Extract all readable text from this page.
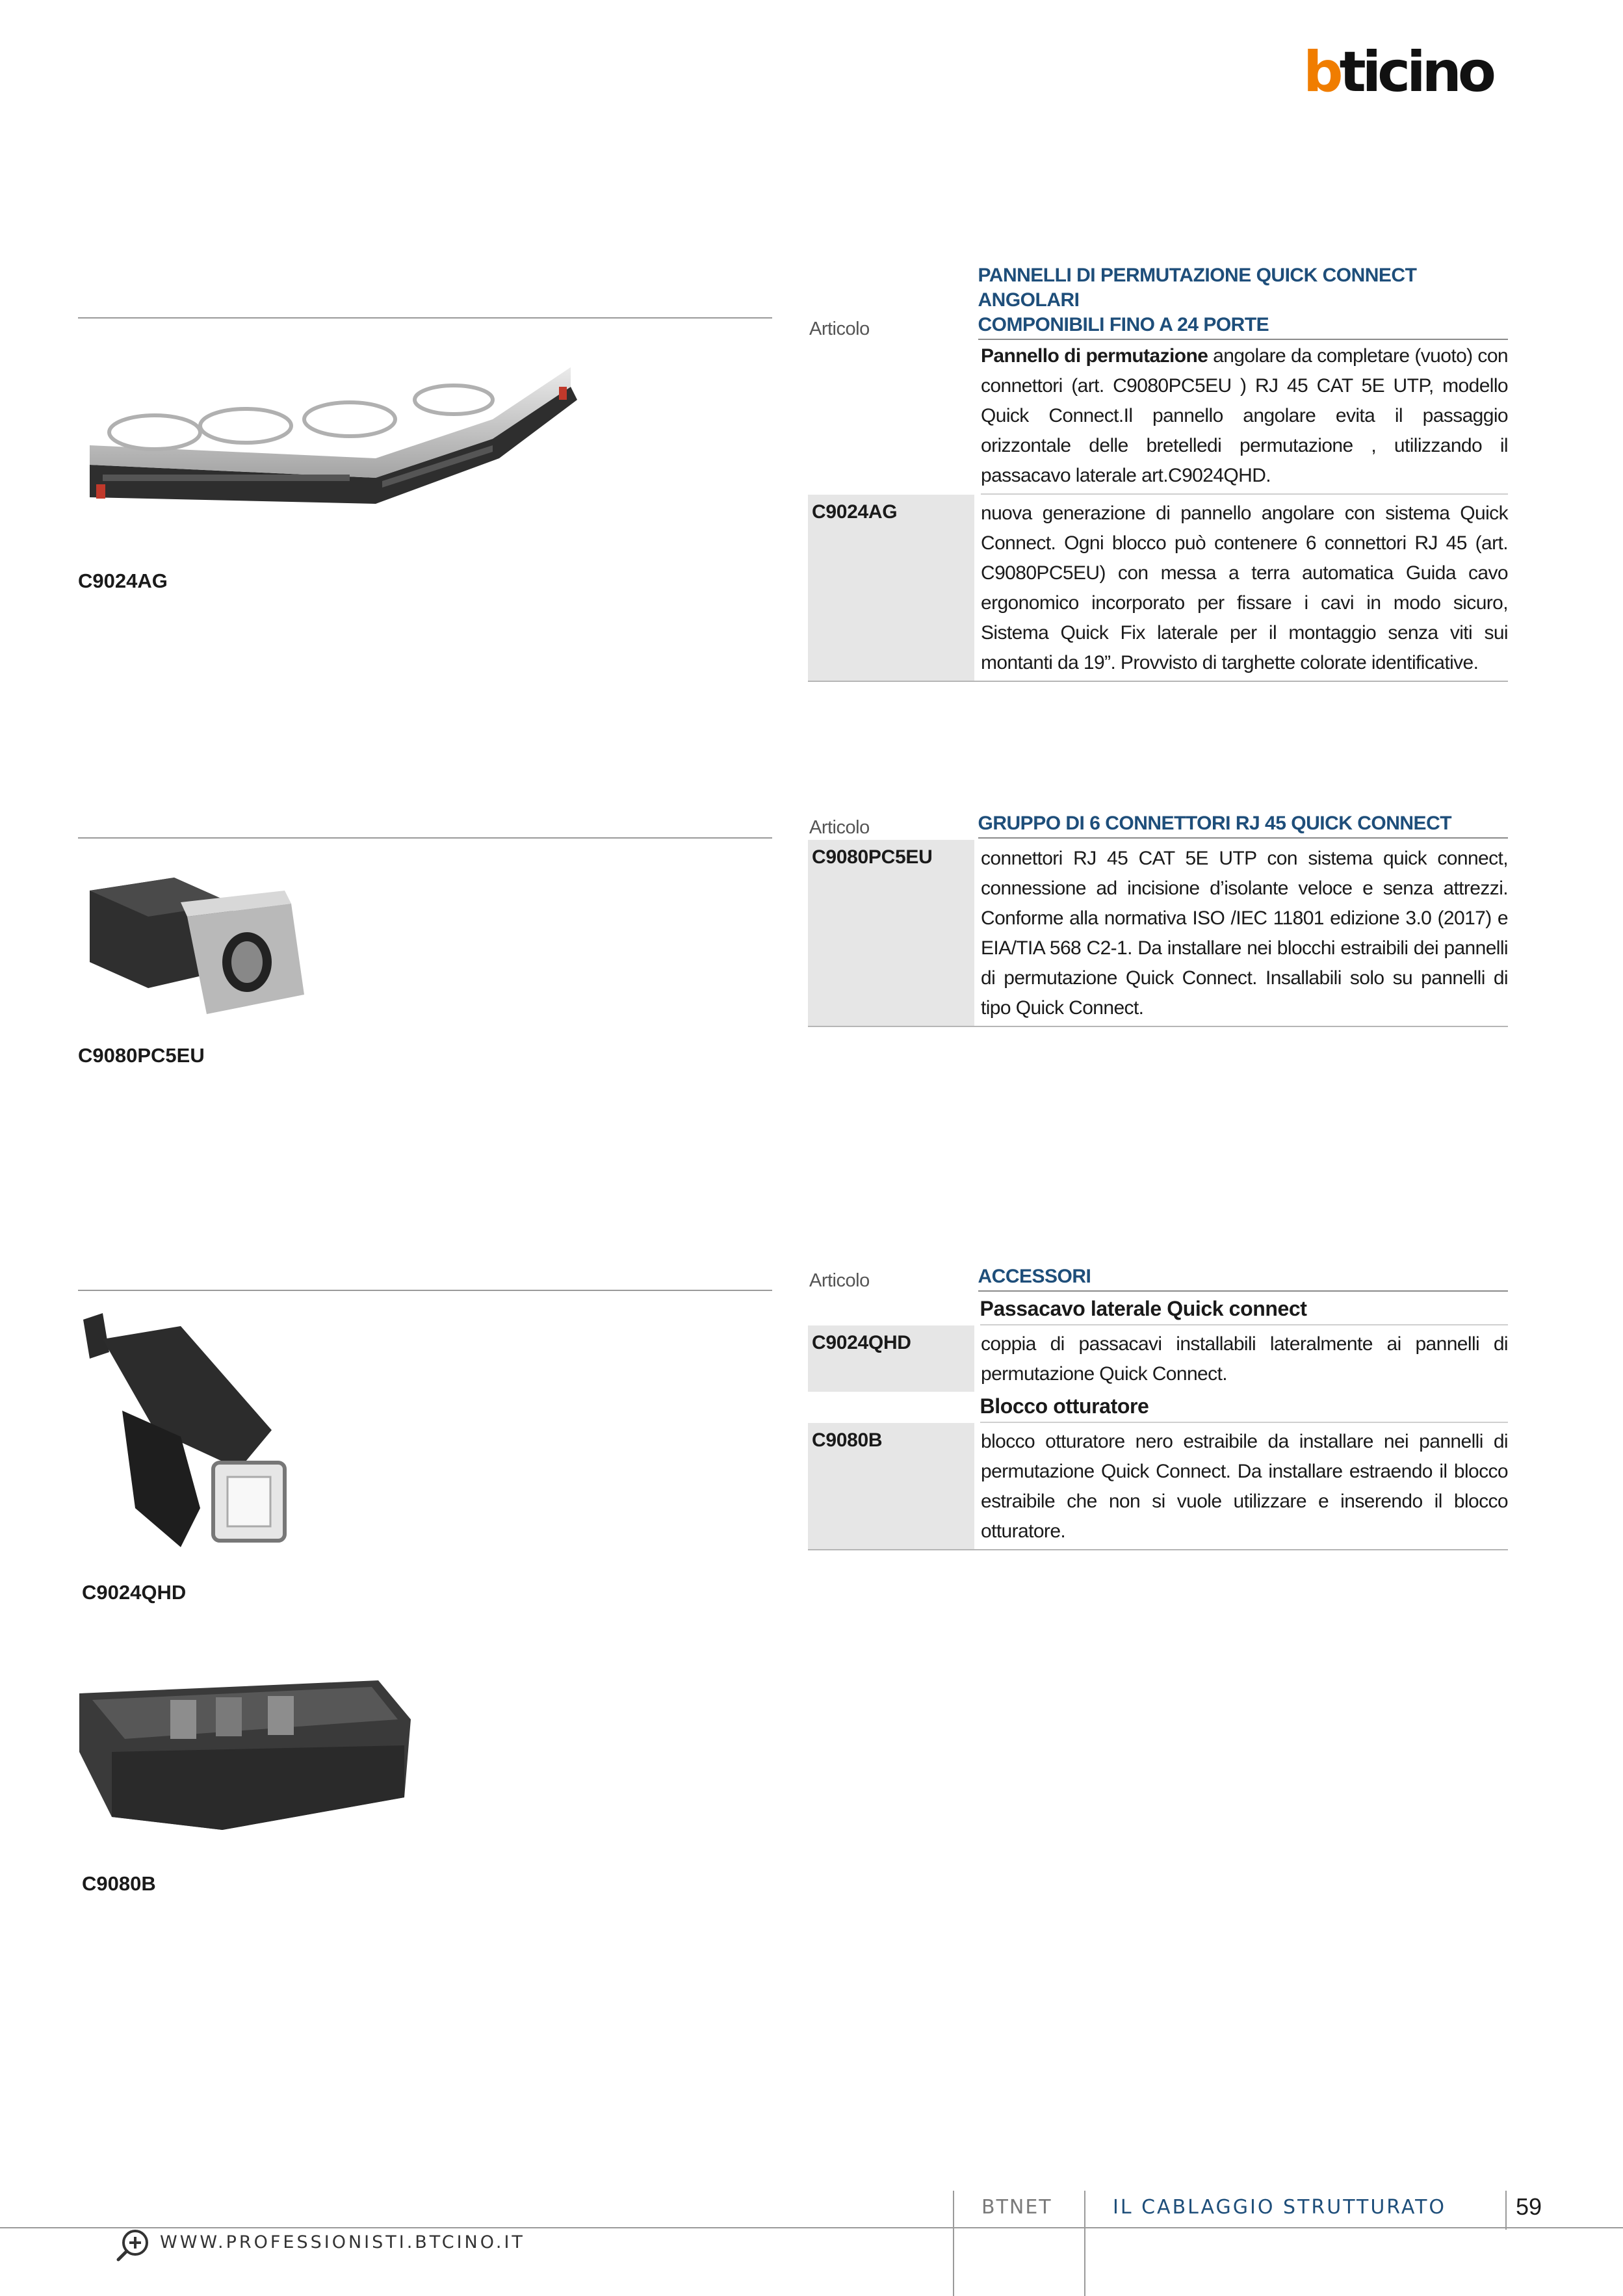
bticino
C9024AG
Articolo
PANNELLI DI PERMUTAZIONE QUICK CONNECT ANGOLARI
COMPONIBILI FINO A 24 PORTE
Pannello di permutazione angolare da completare (vuoto) con connettori (art. C9080PC5EU ) RJ 45 CAT 5E UTP, modello Quick Connect.Il pannello angolare evita il passaggio orizzontale delle bretelledi permutazione , utilizzando il passacavo laterale art.C9024QHD.
C9024AG	nuova generazione di pannello angolare con sistema Quick Connect. Ogni blocco può contenere 6 connettori RJ 45 (art. C9080PC5EU) con messa a terra automatica Guida cavo ergonomico incorporato per fissare i cavi in modo sicuro, Sistema Quick Fix laterale per il montaggio senza viti sui montanti da 19”. Provvisto di targhette colorate identificative.
C9080PC5EU
Articolo	GRUPPO DI 6 CONNETTORI RJ 45 QUICK CONNECT
C9080PC5EU	connettori RJ 45 CAT 5E UTP con sistema quick connect, connessione ad incisione d’isolante veloce e senza attrezzi. Conforme alla normativa ISO /IEC 11801 edizione 3.0 (2017) e EIA/TIA 568 C2-1. Da installare nei blocchi estraibili dei pannelli di permutazione Quick Connect. Insallabili solo su pannelli di tipo Quick Connect.
C9024QHD
C9080B
Articolo	ACCESSORI
Passacavo laterale Quick connect
C9024QHD	coppia di passacavi installabili lateralmente ai pannelli di permutazione Quick Connect.
Blocco otturatore
C9080B	blocco otturatore nero estraibile da installare nei pannelli di permutazione Quick Connect. Da installare estraendo il blocco estraibile che non si vuole utilizzare e inserendo il blocco otturatore.
BTNET	IL CABLAGGIO STRUTTURATO	59
WWW.PROFESSIONISTI.BTCINO.IT
